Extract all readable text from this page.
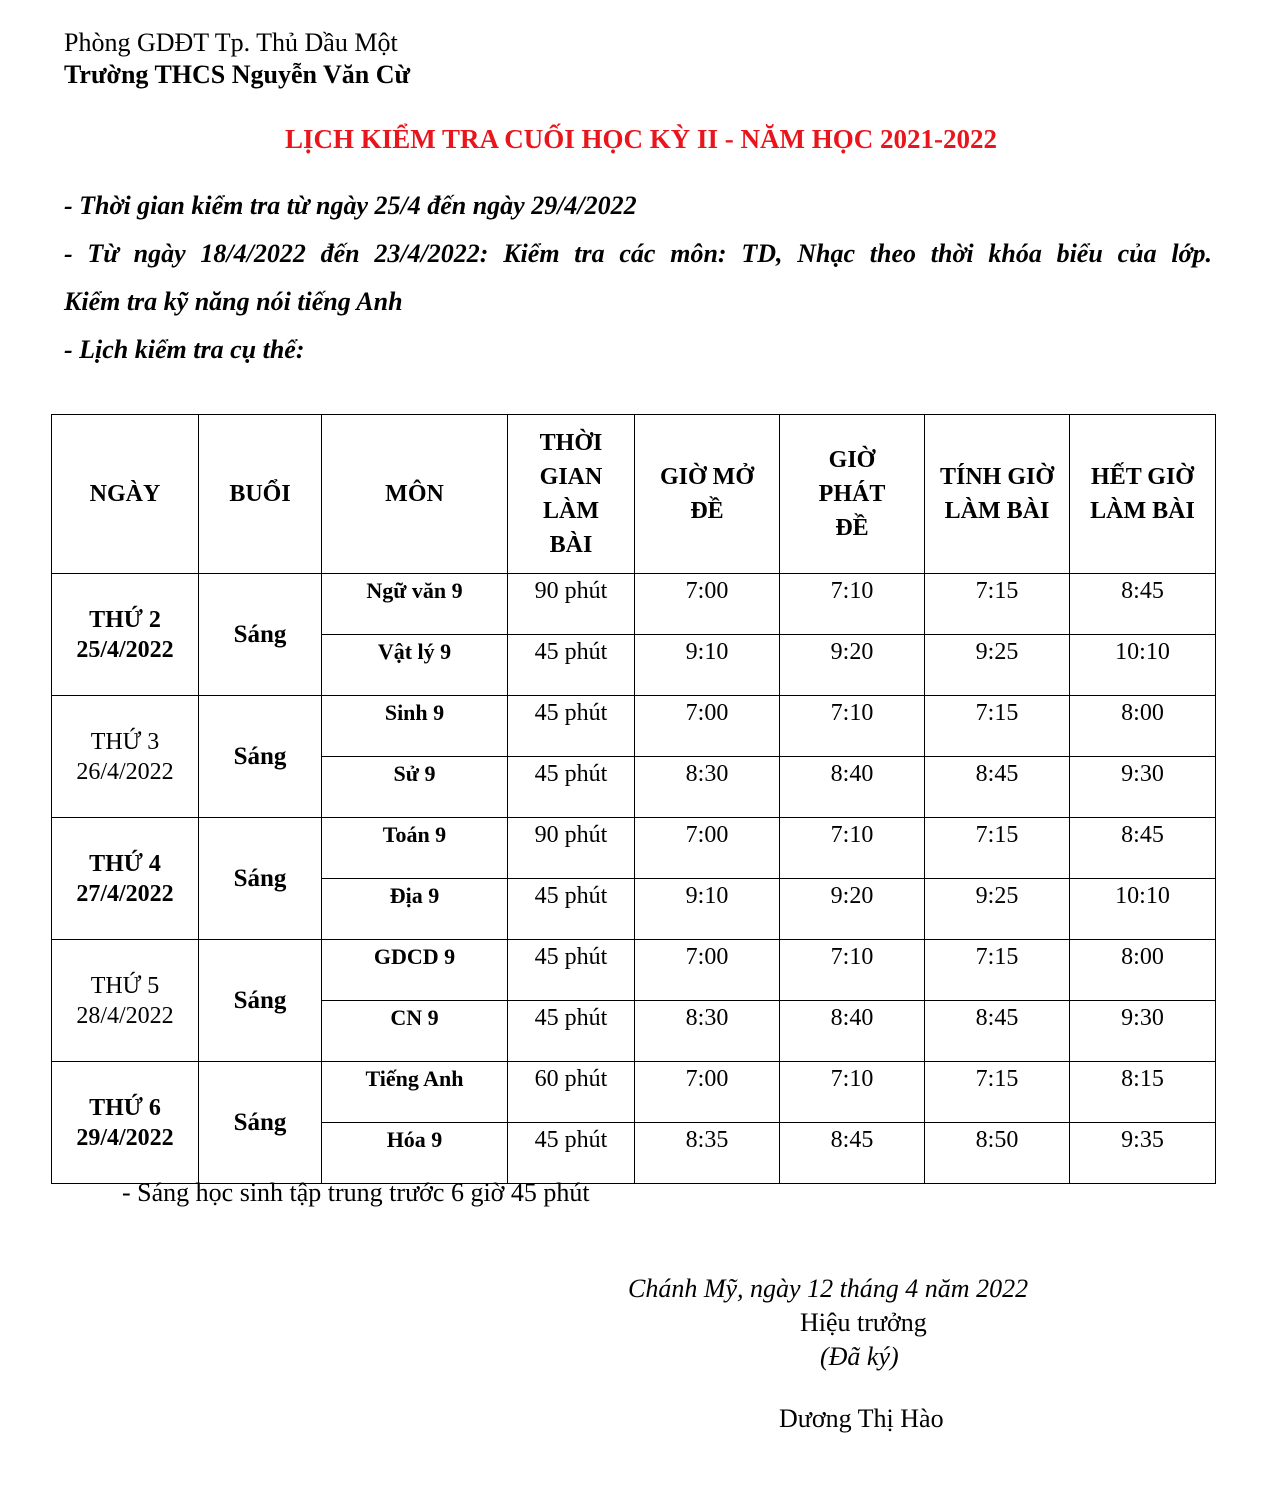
Phòng GDĐT Tp. Thủ Dầu Một
Trường THCS Nguyễn Văn Cừ
LỊCH KIỂM TRA CUỐI HỌC KỲ II - NĂM HỌC 2021-2022
- Thời gian kiểm tra từ ngày 25/4 đến ngày 29/4/2022
- Từ ngày 18/4/2022 đến 23/4/2022: Kiểm tra các môn: TD, Nhạc theo thời khóa biểu của lớp.
Kiểm tra kỹ năng nói tiếng Anh
- Lịch kiểm tra cụ thể:
NGÀY	BUỔI	MÔN	THỜI GIAN LÀM BÀI	GIỜ MỞ ĐỀ	GIỜ PHÁT ĐỀ	TÍNH GIỜ LÀM BÀI	HẾT GIỜ LÀM BÀI

THỨ 2
25/4/2022	Sáng	Ngữ văn 9	90 phút	7:00	7:10	7:15	8:45
		Vật lý 9	45 phút	9:10	9:20	9:25	10:10

THỨ 3
26/4/2022	Sáng	Sinh 9	45 phút	7:00	7:10	7:15	8:00
		Sử 9	45 phút	8:30	8:40	8:45	9:30

THỨ 4
27/4/2022	Sáng	Toán 9	90 phút	7:00	7:10	7:15	8:45
		Địa 9	45 phút	9:10	9:20	9:25	10:10

THỨ 5
28/4/2022	Sáng	GDCD 9	45 phút	7:00	7:10	7:15	8:00
		CN 9	45 phút	8:30	8:40	8:45	9:30

THỨ 6
29/4/2022	Sáng	Tiếng Anh	60 phút	7:00	7:10	7:15	8:15
		Hóa 9	45 phút	8:35	8:45	8:50	9:35
- Sáng học sinh tập trung trước 6 giờ 45 phút
Chánh Mỹ, ngày 12 tháng 4 năm 2022
Hiệu trưởng
(Đã ký)
Dương Thị Hào
